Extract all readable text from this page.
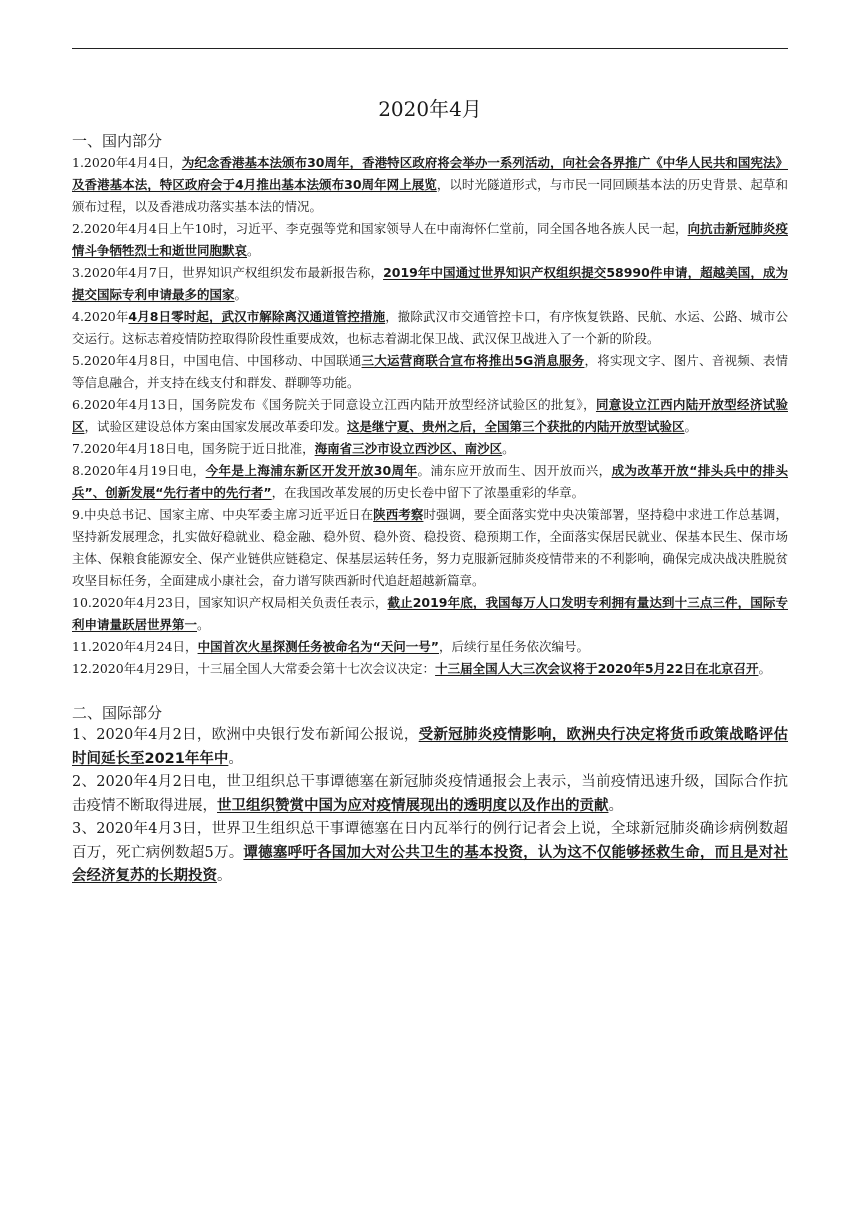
2020年4月
一、国内部分
1.2020年4月4日，为纪念香港基本法颁布30周年，香港特区政府将会举办一系列活动，向社会各界推广《中华人民共和国宪法》及香港基本法，特区政府会于4月推出基本法颁布30周年网上展览，以时光隧道形式，与市民一同回顾基本法的历史背景、起草和颁布过程，以及香港成功落实基本法的情况。
2.2020年4月4日上午10时，习近平、李克强等党和国家领导人在中南海怀仁堂前，同全国各地各族人民一起，向抗击新冠肺炎疫情斗争牺牲烈士和逝世同胞默哀。
3.2020年4月7日，世界知识产权组织发布最新报告称，2019年中国通过世界知识产权组织提交58990件申请，超越美国，成为提交国际专利申请最多的国家。
4.2020年4月8日零时起，武汉市解除离汉通道管控措施，撤除武汉市交通管控卡口，有序恢复铁路、民航、水运、公路、城市公交运行。这标志着疫情防控取得阶段性重要成效，也标志着湖北保卫战、武汉保卫战进入了一个新的阶段。
5.2020年4月8日，中国电信、中国移动、中国联通三大运营商联合宣布将推出5G消息服务，将实现文字、图片、音视频、表情等信息融合，并支持在线支付和群发、群聊等功能。
6.2020年4月13日，国务院发布《国务院关于同意设立江西内陆开放型经济试验区的批复》，同意设立江西内陆开放型经济试验区，试验区建设总体方案由国家发展改革委印发。这是继宁夏、贵州之后，全国第三个获批的内陆开放型试验区。
7.2020年4月18日电，国务院于近日批准，海南省三沙市设立西沙区、南沙区。
8.2020年4月19日电，今年是上海浦东新区开发开放30周年。浦东应开放而生、因开放而兴，成为改革开放“排头兵中的排头兵”、创新发展“先行者中的先行者”，在我国改革发展的历史长卷中留下了浓墨重彩的华章。
9.中央总书记、国家主席、中央军委主席习近平近日在陕西考察时强调，要全面落实党中央决策部署，坚持稳中求进工作总基调，坚持新发展理念，扎实做好稳就业、稳金融、稳外贸、稳外资、稳投资、稳预期工作，全面落实保居民就业、保基本民生、保市场主体、保粮食能源安全、保产业链供应链稳定、保基层运转任务，努力克服新冠肺炎疫情带来的不利影响，确保完成决战决胜脱贫攻坚目标任务，全面建成小康社会，奋力谱写陕西新时代追赶超越新篇章。
10.2020年4月23日，国家知识产权局相关负责任表示，截止2019年底，我国每万人口发明专利拥有量达到十三点三件，国际专利申请量跃居世界第一。
11.2020年4月24日，中国首次火星探测任务被命名为“天问一号”，后续行星任务依次编号。
12.2020年4月29日，十三届全国人大常委会第十七次会议决定：十三届全国人大三次会议将于2020年5月22日在北京召开。
二、国际部分
1、2020年4月2日，欧洲中央银行发布新闻公报说，受新冠肺炎疫情影响，欧洲央行决定将货币政策战略评估时间延长至2021年年中。
2、2020年4月2日电，世卫组织总干事谭德塞在新冠肺炎疫情通报会上表示，当前疫情迅速升级，国际合作抗击疫情不断取得进展，世卫组织赞赏中国为应对疫情展现出的透明度以及作出的贡献。
3、2020年4月3日，世界卫生组织总干事谭德塞在日内瓦举行的例行记者会上说，全球新冠肺炎确诊病例数超百万，死亡病例数超5万。谭德塞呼吁各国加大对公共卫生的基本投资，认为这不仅能够拯救生命，而且是对社会经济复苏的长期投资。
